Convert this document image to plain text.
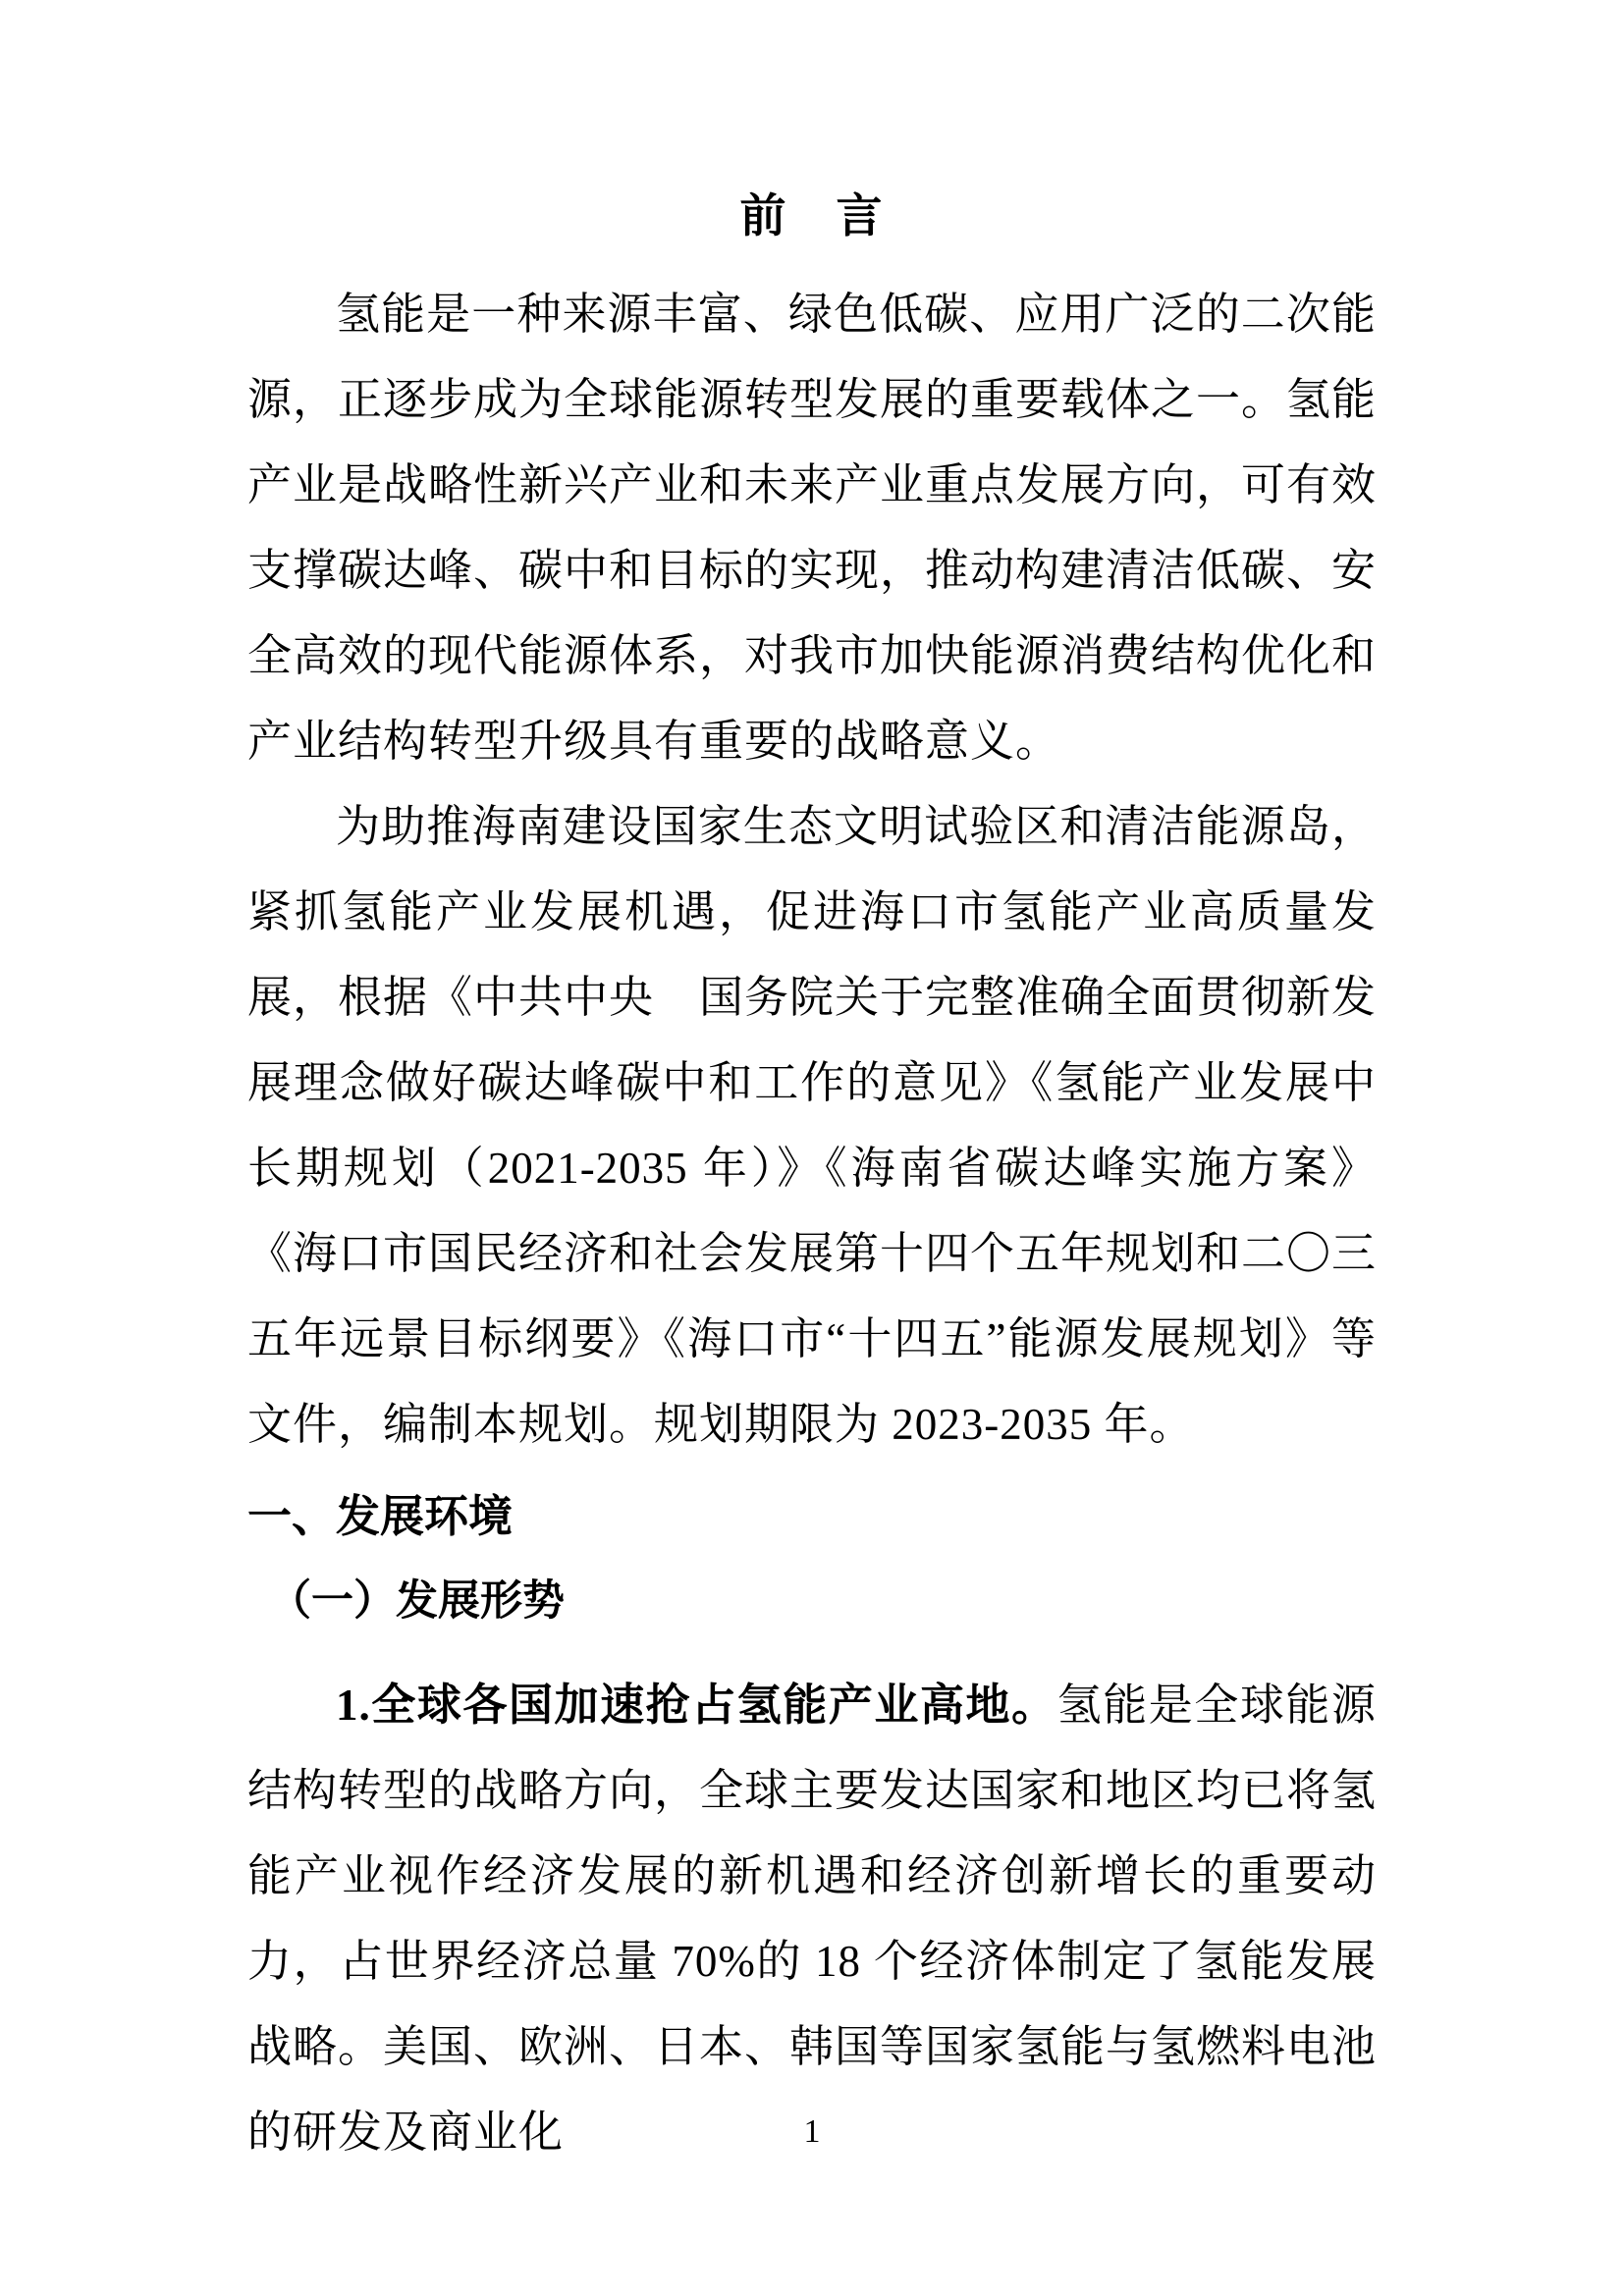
前　言

氢能是一种来源丰富、绿色低碳、应用广泛的二次能源，正逐步成为全球能源转型发展的重要载体之一。氢能产业是战略性新兴产业和未来产业重点发展方向，可有效支撑碳达峰、碳中和目标的实现，推动构建清洁低碳、安全高效的现代能源体系，对我市加快能源消费结构优化和产业结构转型升级具有重要的战略意义。

为助推海南建设国家生态文明试验区和清洁能源岛，紧抓氢能产业发展机遇，促进海口市氢能产业高质量发展，根据《中共中央　国务院关于完整准确全面贯彻新发展理念做好碳达峰碳中和工作的意见》《氢能产业发展中长期规划（2021-2035 年）》《海南省碳达峰实施方案》《海口市国民经济和社会发展第十四个五年规划和二〇三五年远景目标纲要》《海口市“十四五”能源发展规划》等文件，编制本规划。规划期限为 2023-2035 年。

一、发展环境
（一）发展形势

1.全球各国加速抢占氢能产业高地。氢能是全球能源结构转型的战略方向，全球主要发达国家和地区均已将氢能产业视作经济发展的新机遇和经济创新增长的重要动力，占世界经济总量 70%的 18 个经济体制定了氢能发展战略。美国、欧洲、日本、韩国等国家氢能与氢燃料电池的研发及商业化	1
